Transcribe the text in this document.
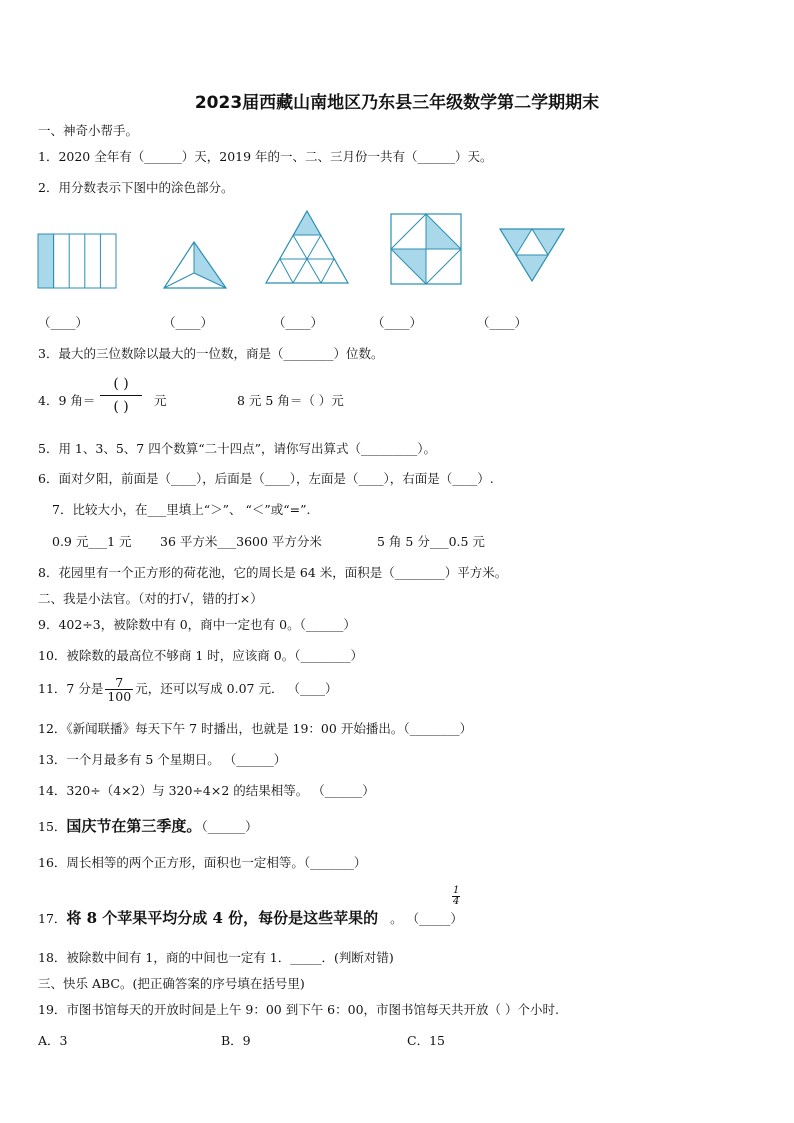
2023届西藏山南地区乃东县三年级数学第二学期期末
一、神奇小帮手。
1．2020 全年有（______）天，2019 年的一、二、三月份一共有（______）天。
2．用分数表示下图中的涂色部分。
（____）	（____）	（____）	（____）	（____）
3．最大的三位数除以最大的一位数，商是（________）位数。
4．9 角＝
( )
( )	元	8 元 5 角＝（ ）元
5．用 1、3、5、7 四个数算“二十四点”，请你写出算式（_________）。
6．面对夕阳，前面是（____），后面是（____），左面是（____），右面是（____）.
7．比较大小，在___里填上“＞”、 “＜”或“=”.
0.9 元___1 元 36 平方米___3600 平方分米	5 角 5 分___0.5 元
8．花园里有一个正方形的荷花池，它的周长是 64 米，面积是（________）平方米。
二、我是小法官。（对的打√，错的打×）
9．402÷3，被除数中有 0，商中一定也有 0。（______）
10．被除数的最高位不够商 1 时，应该商 0。（________）
11．7 分是 $\frac{7}{100}$ 元，还可以写成 0.07 元． （____）
12．《新闻联播》每天下午 7 时播出，也就是 19：00 开始播出。（________）
13．一个月最多有 5 个星期日。 （______）
14．320÷（4×2）与 320÷4×2 的结果相等。 （______）
15．国庆节在第三季度。（______）
16．周长相等的两个正方形，面积也一定相等。（_______）
$\frac{1}{4}$
17．将 8 个苹果平均分成 4 份，每份是这些苹果的 。 （_____）
18．被除数中间有 1，商的中间也一定有 1．_____．(判断对错)
三、快乐 ABC。(把正确答案的序号填在括号里)
19．市图书馆每天的开放时间是上午 9：00 到下午 6：00，市图书馆每天共开放（ ）个小时.
A．3	B．9	C．15
